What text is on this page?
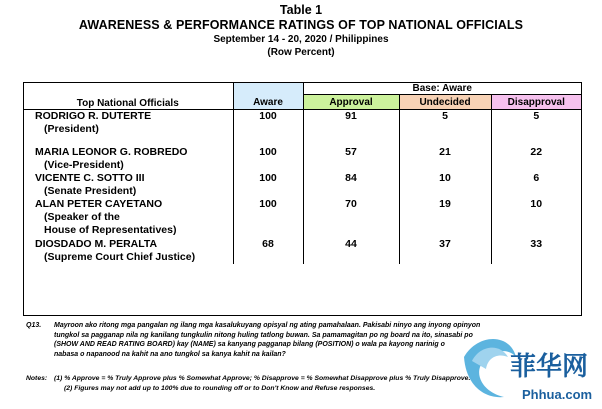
Table 1
AWARENESS & PERFORMANCE RATINGS OF TOP NATIONAL OFFICIALS
September 14 - 20, 2020 / Philippines
(Row Percent)
	Aware	Base: Aware		
Top National Officials		Approval	Undecided	Disapproval

RODRIGO R. DUTERTE
(President)	100	91	5	5

MARIA LEONOR G. ROBREDO
(Vice-President)	100	57	21	22

VICENTE C. SOTTO III
(Senate President)	100	84	10	6

ALAN PETER CAYETANO
(Speaker of the
House of Representatives)	100	70	19	10

DIOSDADO M. PERALTA
(Supreme Court Chief Justice)	68	44	37	33
Q13. Mayroon ako ritong mga pangalan ng ilang mga kasalukuyang opisyal ng ating pamahalaan. Pakisabi ninyo ang inyong opinyon
tungkol sa pagganap nila ng kanilang tungkulin nitong huling tatlong buwan. Sa pamamagitan po ng board na ito, sinasabi po
(SHOW AND READ RATING BOARD) kay (NAME) sa kanyang pagganap bilang (POSITION) o wala pa kayong narinig o
nabasa o napanood na kahit na ano tungkol sa kanya kahit na kailan?
Notes: (1) % Approve = % Truly Approve plus % Somewhat Approve; % Disapprove = % Somewhat Disapprove plus % Truly Disapprove.
(2) Figures may not add up to 100% due to rounding off or to Don't Know and Refuse responses.
菲华网
Phhua.com
